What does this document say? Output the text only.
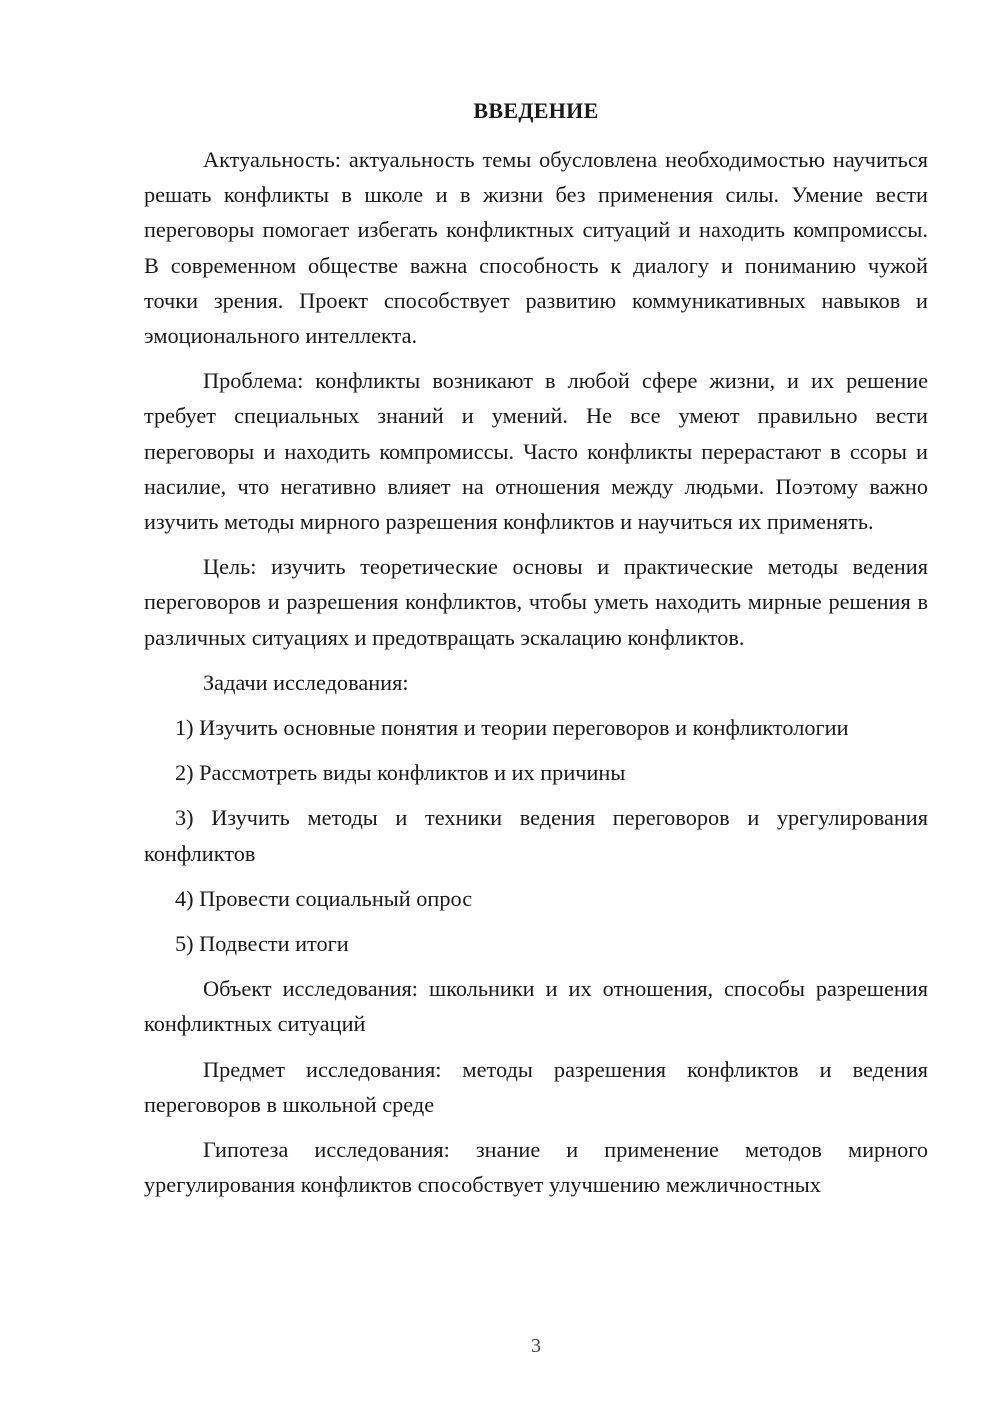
ВВЕДЕНИЕ

Актуальность: актуальность темы обусловлена необходимостью научиться решать конфликты в школе и в жизни без применения силы. Умение вести переговоры помогает избегать конфликтных ситуаций и находить компромиссы. В современном обществе важна способность к диалогу и пониманию чужой точки зрения. Проект способствует развитию коммуникативных навыков и эмоционального интеллекта.

Проблема: конфликты возникают в любой сфере жизни, и их решение требует специальных знаний и умений. Не все умеют правильно вести переговоры и находить компромиссы. Часто конфликты перерастают в ссоры и насилие, что негативно влияет на отношения между людьми. Поэтому важно изучить методы мирного разрешения конфликтов и научиться их применять.

Цель: изучить теоретические основы и практические методы ведения переговоров и разрешения конфликтов, чтобы уметь находить мирные решения в различных ситуациях и предотвращать эскалацию конфликтов.

Задачи исследования:

1) Изучить основные понятия и теории переговоров и конфликтологии

2) Рассмотреть виды конфликтов и их причины

3) Изучить методы и техники ведения переговоров и урегулирования конфликтов

4) Провести социальный опрос

5) Подвести итоги

Объект исследования: школьники и их отношения, способы разрешения конфликтных ситуаций

Предмет исследования: методы разрешения конфликтов и ведения переговоров в школьной среде

Гипотеза исследования: знание и применение методов мирного урегулирования конфликтов способствует улучшению межличностных

3
